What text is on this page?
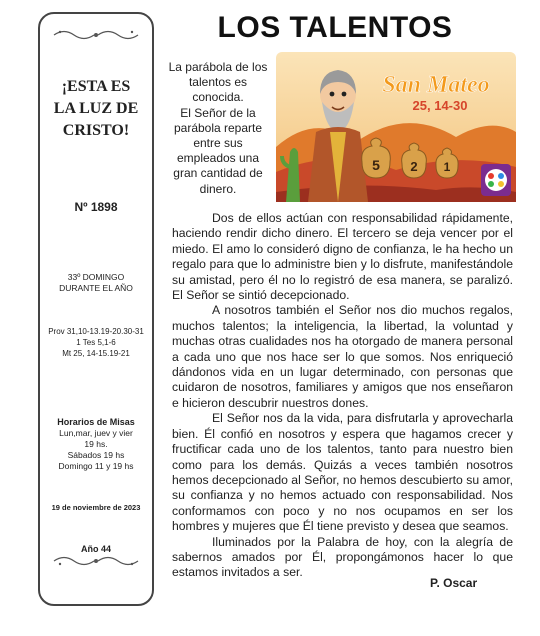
¡ESTA ES
LA LUZ DE
CRISTO!
Nº 1898
33º DOMINGO
DURANTE EL AÑO
Prov 31,10-13.19-20.30-31
1 Tes 5,1-6
Mt 25, 14-15.19-21
Horarios de Misas
Lun,mar, juev y vier
19 hs.
Sábados 19 hs
Domingo 11 y 19 hs
19 de noviembre de 2023
Año 44
LOS TALENTOS

La parábola de los talentos es conocida.

El Señor de la parábola reparte entre sus empleados una gran cantidad de dinero.

5 2 1
San Mateo
25, 14-30

Dos de ellos actúan con responsabilidad rápidamente, haciendo rendir dicho dinero. El tercero se deja vencer por el miedo. El amo lo consideró digno de confianza, le ha hecho un regalo para que lo administre bien y lo disfrute, manifestándole su amistad, pero él no lo registró de esa manera, se paralizó. El Señor se sintió decepcionado.

A nosotros también el Señor nos dio muchos regalos, muchos talentos; la inteligencia, la libertad, la voluntad y muchas otras cualidades nos ha otorgado de manera personal a cada uno que nos hace ser lo que somos. Nos enriqueció dándonos vida en un lugar determinado, con personas que cuidaron de nosotros, familiares y amigos que nos enseñaron e hicieron descubrir nuestros dones.

El Señor nos da la vida, para disfrutarla y aprovecharla bien. Él confió en nosotros y espera que hagamos crecer y fructificar cada uno de los talentos, tanto para nuestro bien como para los demás. Quizás a veces también nosotros hemos decepcionado al Señor, no hemos descubierto su amor, su confianza y no hemos actuado con responsabilidad. Nos conformamos con poco y no nos ocupamos en ser los hombres y mujeres que Él tiene previsto y desea que seamos.

Iluminados por la Palabra de hoy, con la alegría de sabernos amados por Él, propongámonos hacer lo que estamos invitados a ser.

P. Oscar
